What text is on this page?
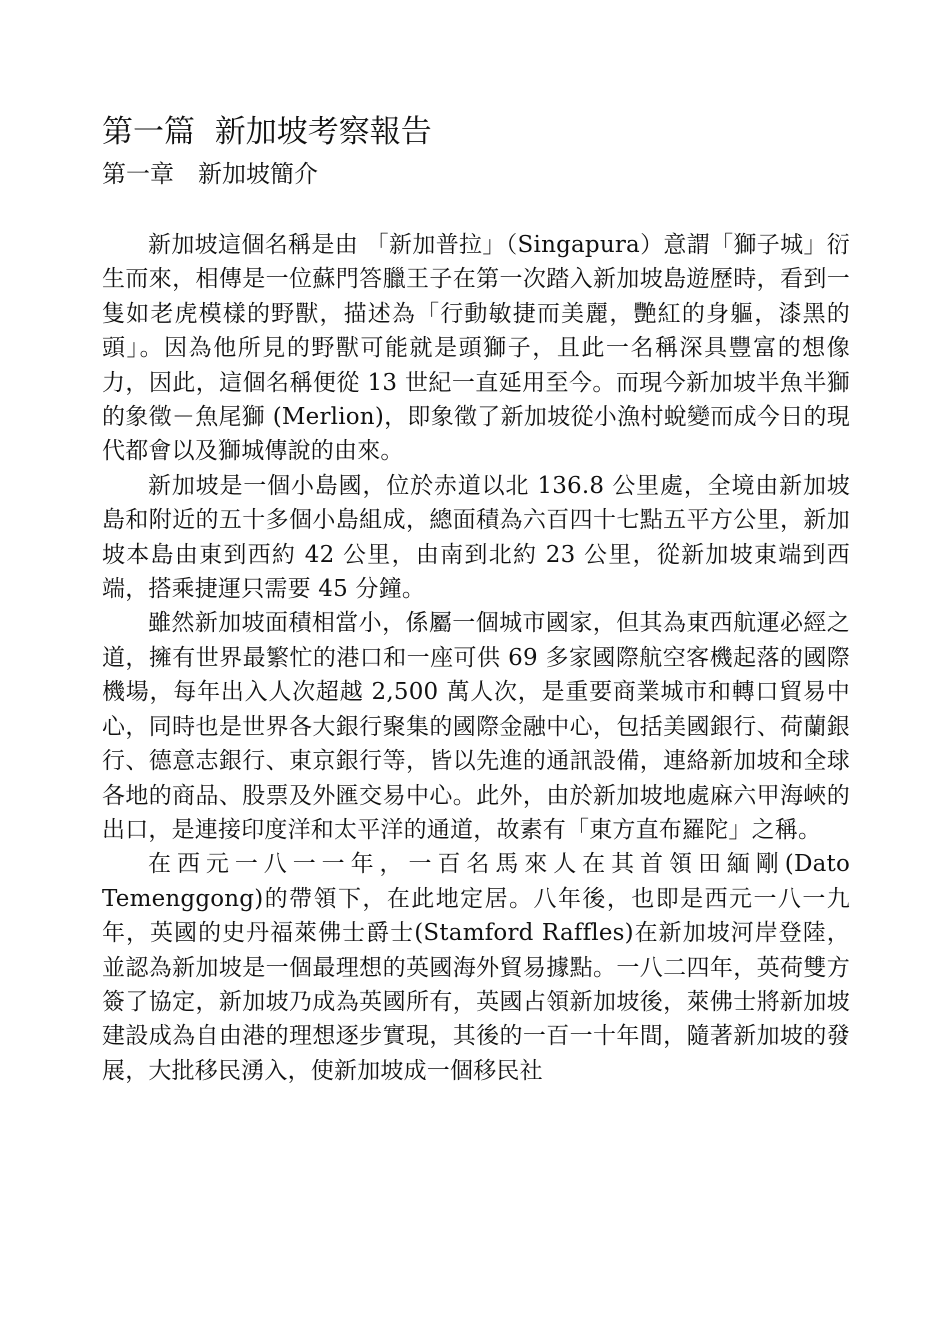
第一篇  新加坡考察報告
第一章　新加坡簡介

新加坡這個名稱是由 「新加普拉」（Singapura）意謂「獅子城」衍生而來，相傳是一位蘇門答臘王子在第一次踏入新加坡島遊歷時，看到一隻如老虎模樣的野獸，描述為「行動敏捷而美麗，艷紅的身軀，漆黑的頭」。因為他所見的野獸可能就是頭獅子，且此一名稱深具豐富的想像力，因此，這個名稱便從 13 世紀一直延用至今。而現今新加坡半魚半獅的象徵－魚尾獅 (Merlion)，即象徵了新加坡從小漁村蛻變而成今日的現代都會以及獅城傳說的由來。

新加坡是一個小島國，位於赤道以北 136.8 公里處，全境由新加坡島和附近的五十多個小島組成，總面積為六百四十七點五平方公里，新加坡本島由東到西約 42 公里，由南到北約 23 公里，從新加坡東端到西端，搭乘捷運只需要 45 分鐘。

雖然新加坡面積相當小，係屬一個城市國家，但其為東西航運必經之道，擁有世界最繁忙的港口和一座可供 69 多家國際航空客機起落的國際機場，每年出入人次超越 2,500 萬人次，是重要商業城市和轉口貿易中心，同時也是世界各大銀行聚集的國際金融中心，包括美國銀行、荷蘭銀行、德意志銀行、東京銀行等，皆以先進的通訊設備，連絡新加坡和全球各地的商品、股票及外匯交易中心。此外，由於新加坡地處麻六甲海峽的出口，是連接印度洋和太平洋的通道，故素有「東方直布羅陀」之稱。

在西元一八一一年，一百名馬來人在其首領田緬剛(Dato Temenggong)的帶領下，在此地定居。八年後，也即是西元一八一九年，英國的史丹福萊佛士爵士(Stamford Raffles)在新加坡河岸登陸，並認為新加坡是一個最理想的英國海外貿易據點。一八二四年，英荷雙方簽了協定，新加坡乃成為英國所有，英國占領新加坡後，萊佛士將新加坡建設成為自由港的理想逐步實現，其後的一百一十年間，隨著新加坡的發展，大批移民湧入，使新加坡成一個移民社
